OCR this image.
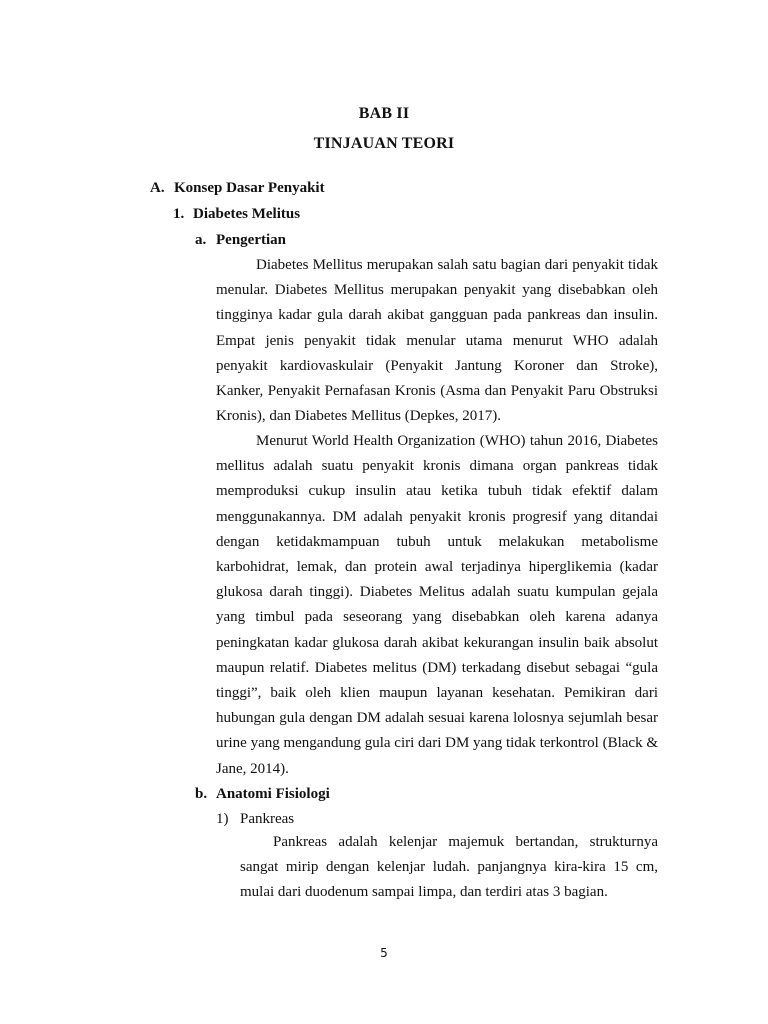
BAB II
TINJAUAN TEORI
A. Konsep Dasar Penyakit
1. Diabetes Melitus
a. Pengertian

Diabetes Mellitus merupakan salah satu bagian dari penyakit tidak menular. Diabetes Mellitus merupakan penyakit yang disebabkan oleh tingginya kadar gula darah akibat gangguan pada pankreas dan insulin. Empat jenis penyakit tidak menular utama menurut WHO adalah penyakit kardiovaskulair (Penyakit Jantung Koroner dan Stroke), Kanker, Penyakit Pernafasan Kronis (Asma dan Penyakit Paru Obstruksi Kronis), dan Diabetes Mellitus (Depkes, 2017).

Menurut World Health Organization (WHO) tahun 2016, Diabetes mellitus adalah suatu penyakit kronis dimana organ pankreas tidak memproduksi cukup insulin atau ketika tubuh tidak efektif dalam menggunakannya. DM adalah penyakit kronis progresif yang ditandai dengan ketidakmampuan tubuh untuk melakukan metabolisme karbohidrat, lemak, dan protein awal terjadinya hiperglikemia (kadar glukosa darah tinggi). Diabetes Melitus adalah suatu kumpulan gejala yang timbul pada seseorang yang disebabkan oleh karena adanya peningkatan kadar glukosa darah akibat kekurangan insulin baik absolut maupun relatif. Diabetes melitus (DM) terkadang disebut sebagai “gula tinggi”, baik oleh klien maupun layanan kesehatan. Pemikiran dari hubungan gula dengan DM adalah sesuai karena lolosnya sejumlah besar urine yang mengandung gula ciri dari DM yang tidak terkontrol (Black & Jane, 2014).

b. Anatomi Fisiologi
1) Pankreas

Pankreas adalah kelenjar majemuk bertandan, strukturnya sangat mirip dengan kelenjar ludah. panjangnya kira-kira 15 cm, mulai dari duodenum sampai limpa, dan terdiri atas 3 bagian.

5
